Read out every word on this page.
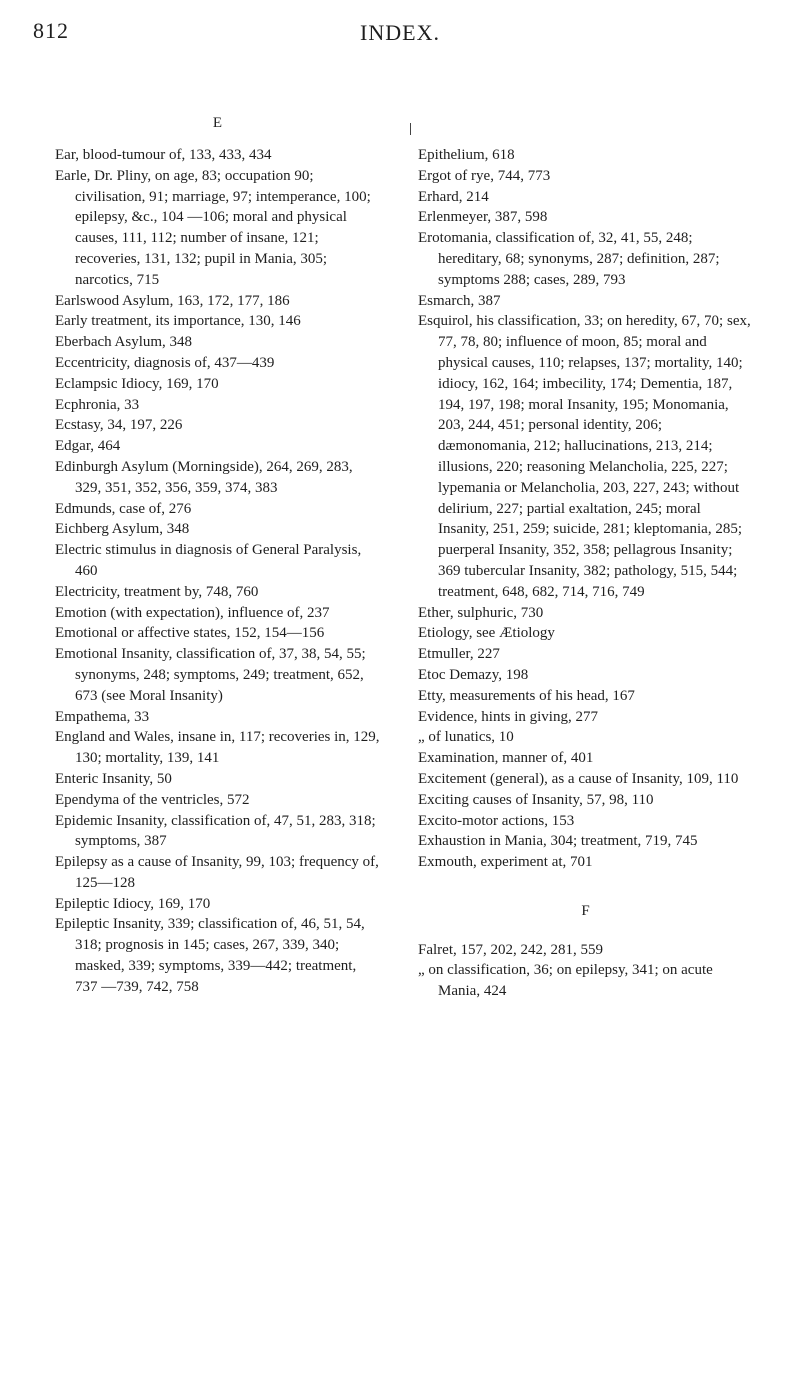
812	INDEX.
E

Ear, blood-tumour of, 133, 433, 434

Earle, Dr. Pliny, on age, 83; occupation 90; civilisation, 91; marriage, 97; intemperance, 100; epilepsy, &c., 104 —106; moral and physical causes, 111, 112; number of insane, 121; recoveries, 131, 132; pupil in Mania, 305; narcotics, 715

Earlswood Asylum, 163, 172, 177, 186

Early treatment, its importance, 130, 146

Eberbach Asylum, 348

Eccentricity, diagnosis of, 437—439

Eclampsic Idiocy, 169, 170

Ecphronia, 33

Ecstasy, 34, 197, 226

Edgar, 464

Edinburgh Asylum (Morningside), 264, 269, 283, 329, 351, 352, 356, 359, 374, 383

Edmunds, case of, 276

Eichberg Asylum, 348

Electric stimulus in diagnosis of General Paralysis, 460

Electricity, treatment by, 748, 760

Emotion (with expectation), influence of, 237

Emotional or affective states, 152, 154—156

Emotional Insanity, classification of, 37, 38, 54, 55; synonyms, 248; symptoms, 249; treatment, 652, 673 (see Moral Insanity)

Empathema, 33

England and Wales, insane in, 117; recoveries in, 129, 130; mortality, 139, 141

Enteric Insanity, 50

Ependyma of the ventricles, 572

Epidemic Insanity, classification of, 47, 51, 283, 318; symptoms, 387

Epilepsy as a cause of Insanity, 99, 103; frequency of, 125—128

Epileptic Idiocy, 169, 170

Epileptic Insanity, 339; classification of, 46, 51, 54, 318; prognosis in 145; cases, 267, 339, 340; masked, 339; symptoms, 339—442; treatment, 737 —739, 742, 758

Epithelium, 618

Ergot of rye, 744, 773

Erhard, 214

Erlenmeyer, 387, 598

Erotomania, classification of, 32, 41, 55, 248; hereditary, 68; synonyms, 287; definition, 287; symptoms 288; cases, 289, 793

Esmarch, 387

Esquirol, his classification, 33; on heredity, 67, 70; sex, 77, 78, 80; influence of moon, 85; moral and physical causes, 110; relapses, 137; mortality, 140; idiocy, 162, 164; imbecility, 174; Dementia, 187, 194, 197, 198; moral Insanity, 195; Monomania, 203, 244, 451; personal identity, 206; dæmonomania, 212; hallucinations, 213, 214; illusions, 220; reasoning Melancholia, 225, 227; lypemania or Melancholia, 203, 227, 243; without delirium, 227; partial exaltation, 245; moral Insanity, 251, 259; suicide, 281; kleptomania, 285; puerperal Insanity, 352, 358; pellagrous Insanity; 369 tubercular Insanity, 382; pathology, 515, 544; treatment, 648, 682, 714, 716, 749

Ether, sulphuric, 730

Etiology, see Ætiology

Etmuller, 227

Etoc Demazy, 198

Etty, measurements of his head, 167

Evidence, hints in giving, 277

„ of lunatics, 10

Examination, manner of, 401

Excitement (general), as a cause of Insanity, 109, 110

Exciting causes of Insanity, 57, 98, 110

Excito-motor actions, 153

Exhaustion in Mania, 304; treatment, 719, 745

Exmouth, experiment at, 701

F

Falret, 157, 202, 242, 281, 559

„ on classification, 36; on epilepsy, 341; on acute Mania, 424
